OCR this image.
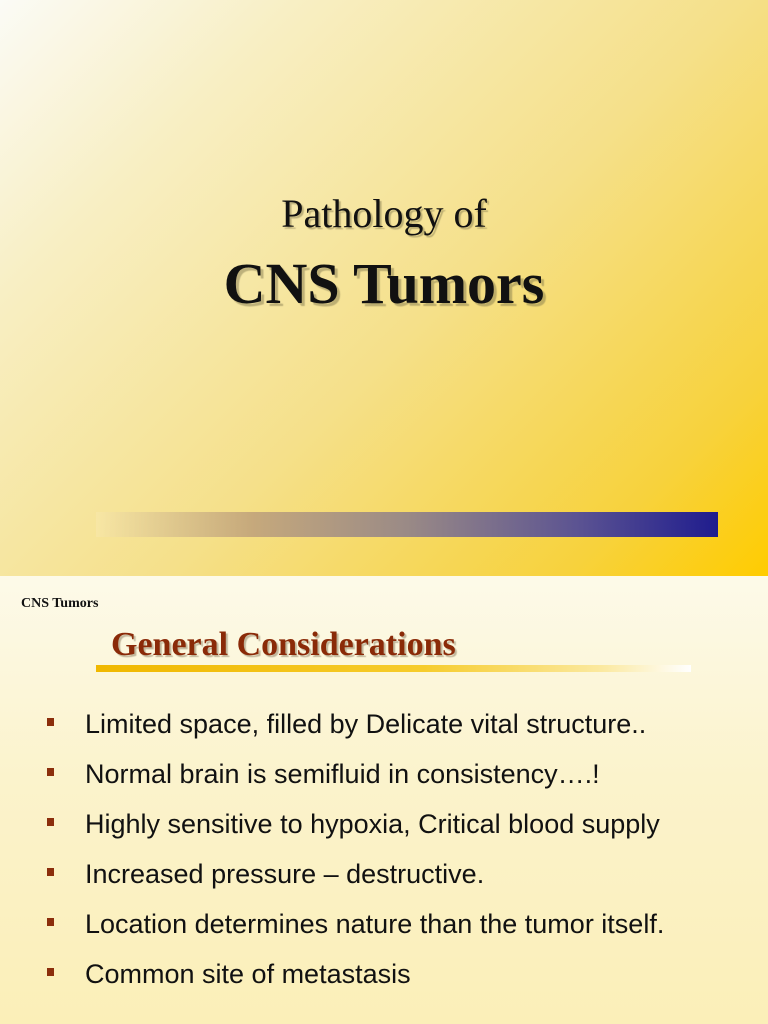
Pathology of
CNS Tumors
CNS Tumors
General Considerations
Limited space, filled by Delicate vital structure..
Normal brain is semifluid in consistency….!
Highly sensitive to hypoxia, Critical blood supply
Increased pressure – destructive.
Location determines nature than the tumor itself.
Common site of metastasis
